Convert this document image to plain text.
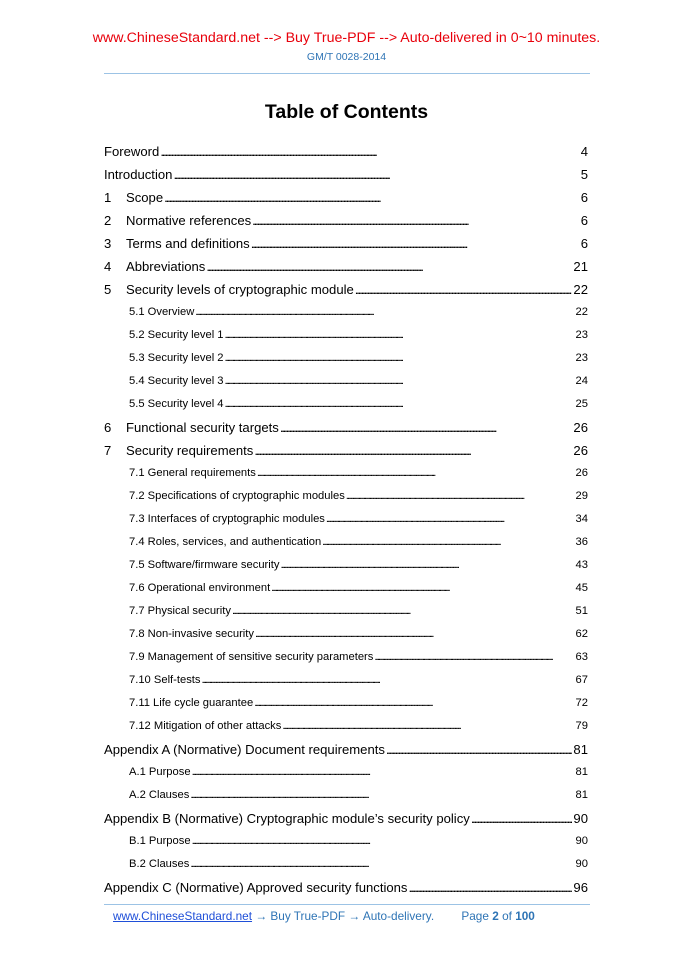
www.ChineseStandard.net --> Buy True-PDF --> Auto-delivered in 0~10 minutes.
GM/T 0028-2014
Table of Contents
Foreword . . .	4
Introduction . . .	5
1	Scope . . .	6
2	Normative references . . .	6
3	Terms and definitions . . .	6
4	Abbreviations . . .	21
5	Security levels of cryptographic module . . .	22
5.1 Overview . . .	22
5.2 Security level 1 . . .	23
5.3 Security level 2 . . .	23
5.4 Security level 3 . . .	24
5.5 Security level 4 . . .	25
6	Functional security targets . . .	26
7	Security requirements . . .	26
7.1 General requirements . . .	26
7.2 Specifications of cryptographic modules . . .	29
7.3 Interfaces of cryptographic modules . . .	34
7.4 Roles, services, and authentication . . .	36
7.5 Software/firmware security . . .	43
7.6 Operational environment . . .	45
7.7 Physical security . . .	51
7.8 Non-invasive security . . .	62
7.9 Management of sensitive security parameters . . .	63
7.10 Self-tests . . .	67
7.11 Life cycle guarantee . . .	72
7.12 Mitigation of other attacks . . .	79
Appendix A (Normative) Document requirements . . .	81
A.1 Purpose . . .	81
A.2 Clauses . . .	81
Appendix B (Normative) Cryptographic module’s security policy . . .	90
B.1 Purpose . . .	90
B.2 Clauses . . .	90
Appendix C (Normative) Approved security functions . . .	96
www.ChineseStandard.net → Buy True-PDF → Auto-delivery. Page 2 of 100
